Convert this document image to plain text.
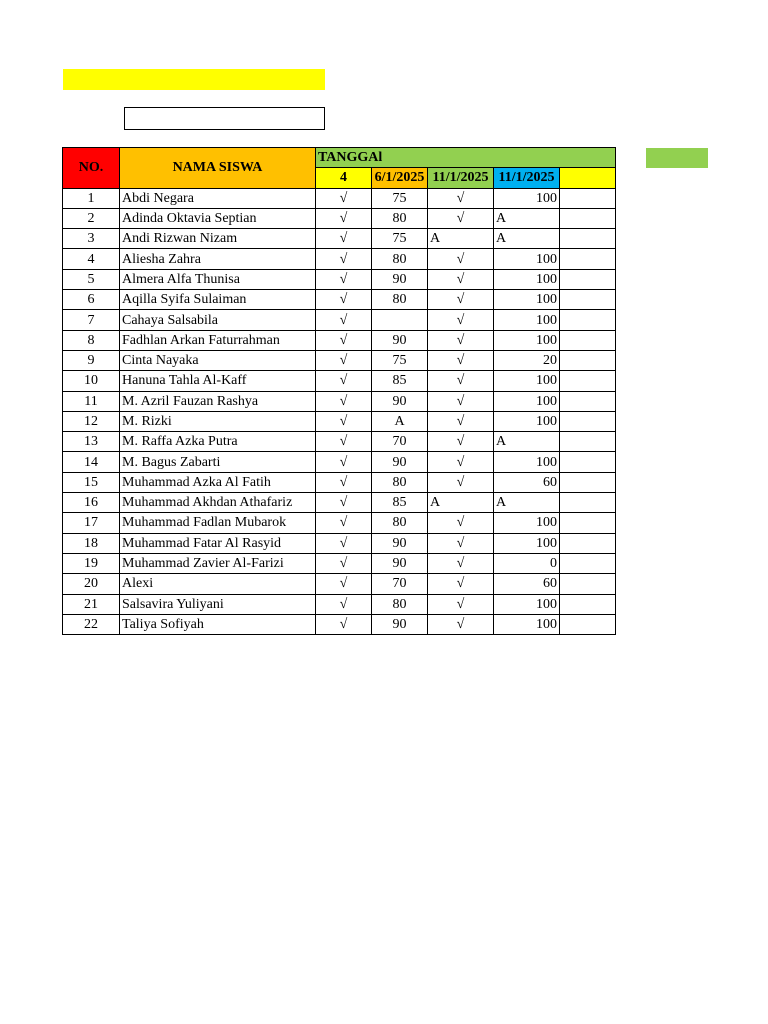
NO.	NAMA SISWA	TANGGAl				
		4	6/1/2025	11/1/2025	11/1/2025	
1	Abdi Negara	√	75	√	100	
2	Adinda Oktavia Septian	√	80	√	A	
3	Andi Rizwan Nizam	√	75	A	A	
4	Aliesha Zahra	√	80	√	100	
5	Almera Alfa Thunisa	√	90	√	100	
6	Aqilla Syifa Sulaiman	√	80	√	100	
7	Cahaya Salsabila	√		√	100	
8	Fadhlan Arkan Faturrahman	√	90	√	100	
9	Cinta Nayaka	√	75	√	20	
10	Hanuna Tahla Al-Kaff	√	85	√	100	
11	M. Azril Fauzan Rashya	√	90	√	100	
12	M. Rizki	√	A	√	100	
13	M. Raffa Azka Putra	√	70	√	A	
14	M. Bagus Zabarti	√	90	√	100	
15	Muhammad Azka Al Fatih	√	80	√	60	
16	Muhammad Akhdan Athafariz	√	85	A	A	
17	Muhammad Fadlan Mubarok	√	80	√	100	
18	Muhammad Fatar Al Rasyid	√	90	√	100	
19	Muhammad Zavier Al-Farizi	√	90	√	0	
20	Alexi	√	70	√	60	
21	Salsavira Yuliyani	√	80	√	100	
22	Taliya Sofiyah	√	90	√	100	
